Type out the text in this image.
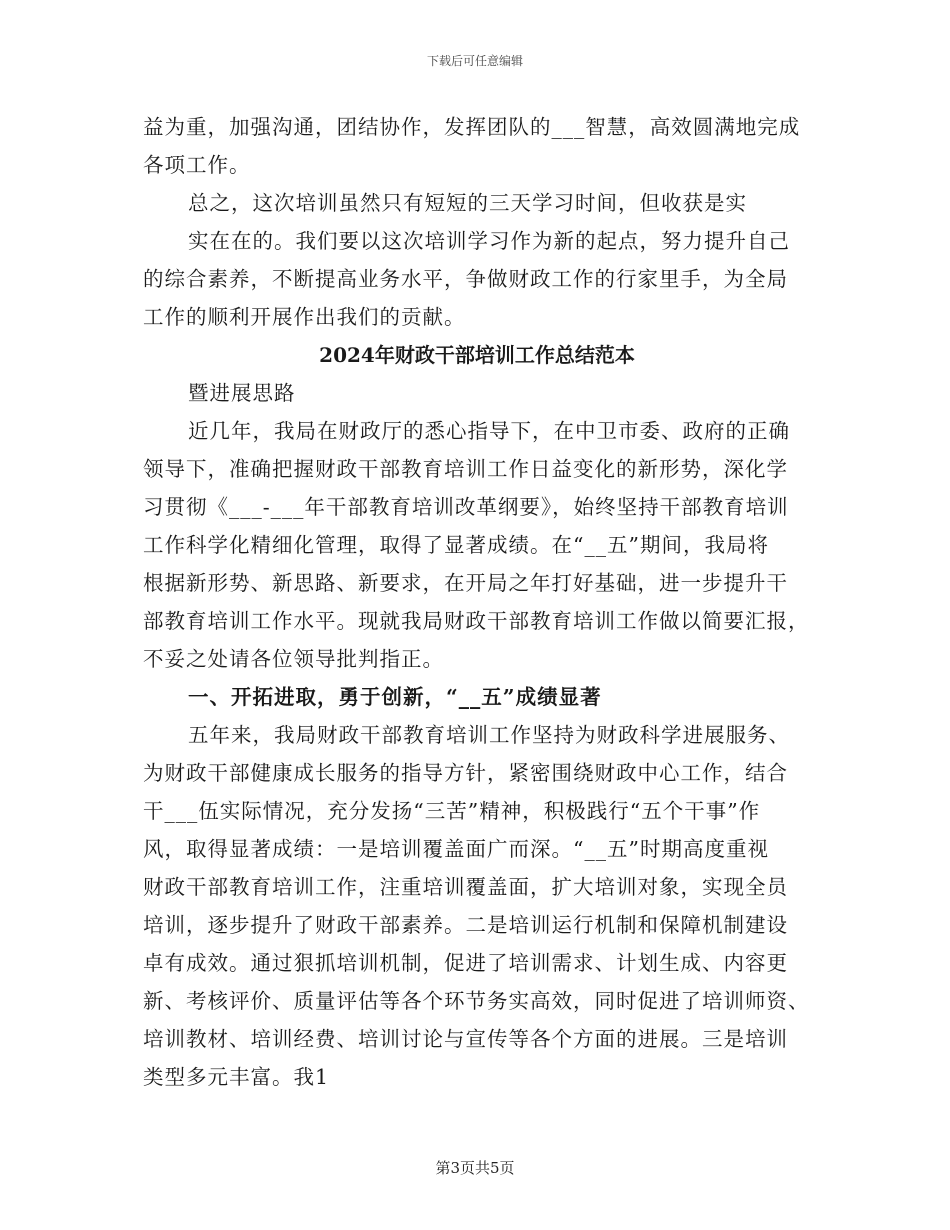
下载后可任意编辑
益为重，加强沟通，团结协作，发挥团队的___智慧，高效圆满地完成
各项工作。
总之，这次培训虽然只有短短的三天学习时间，但收获是实
实在在的。我们要以这次培训学习作为新的起点，努力提升自己
的综合素养，不断提高业务水平，争做财政工作的行家里手，为全局
工作的顺利开展作出我们的贡献。
2024年财政干部培训工作总结范本
暨进展思路
近几年，我局在财政厅的悉心指导下，在中卫市委、政府的正确
领导下，准确把握财政干部教育培训工作日益变化的新形势，深化学
习贯彻《___-___年干部教育培训改革纲要》，始终坚持干部教育培训
工作科学化精细化管理，取得了显著成绩。在“__五”期间，我局将
根据新形势、新思路、新要求，在开局之年打好基础，进一步提升干
部教育培训工作水平。现就我局财政干部教育培训工作做以简要汇报，
不妥之处请各位领导批判指正。
一、开拓进取，勇于创新，“__五”成绩显著
五年来，我局财政干部教育培训工作坚持为财政科学进展服务、
为财政干部健康成长服务的指导方针，紧密围绕财政中心工作，结合
干___伍实际情况，充分发扬“三苦”精神，积极践行“五个干事”作
风，取得显著成绩：一是培训覆盖面广而深。“__五”时期高度重视
财政干部教育培训工作，注重培训覆盖面，扩大培训对象，实现全员
培训，逐步提升了财政干部素养。二是培训运行机制和保障机制建设
卓有成效。通过狠抓培训机制，促进了培训需求、计划生成、内容更
新、考核评价、质量评估等各个环节务实高效，同时促进了培训师资、
培训教材、培训经费、培训讨论与宣传等各个方面的进展。三是培训
类型多元丰富。我1
第3页共5页
